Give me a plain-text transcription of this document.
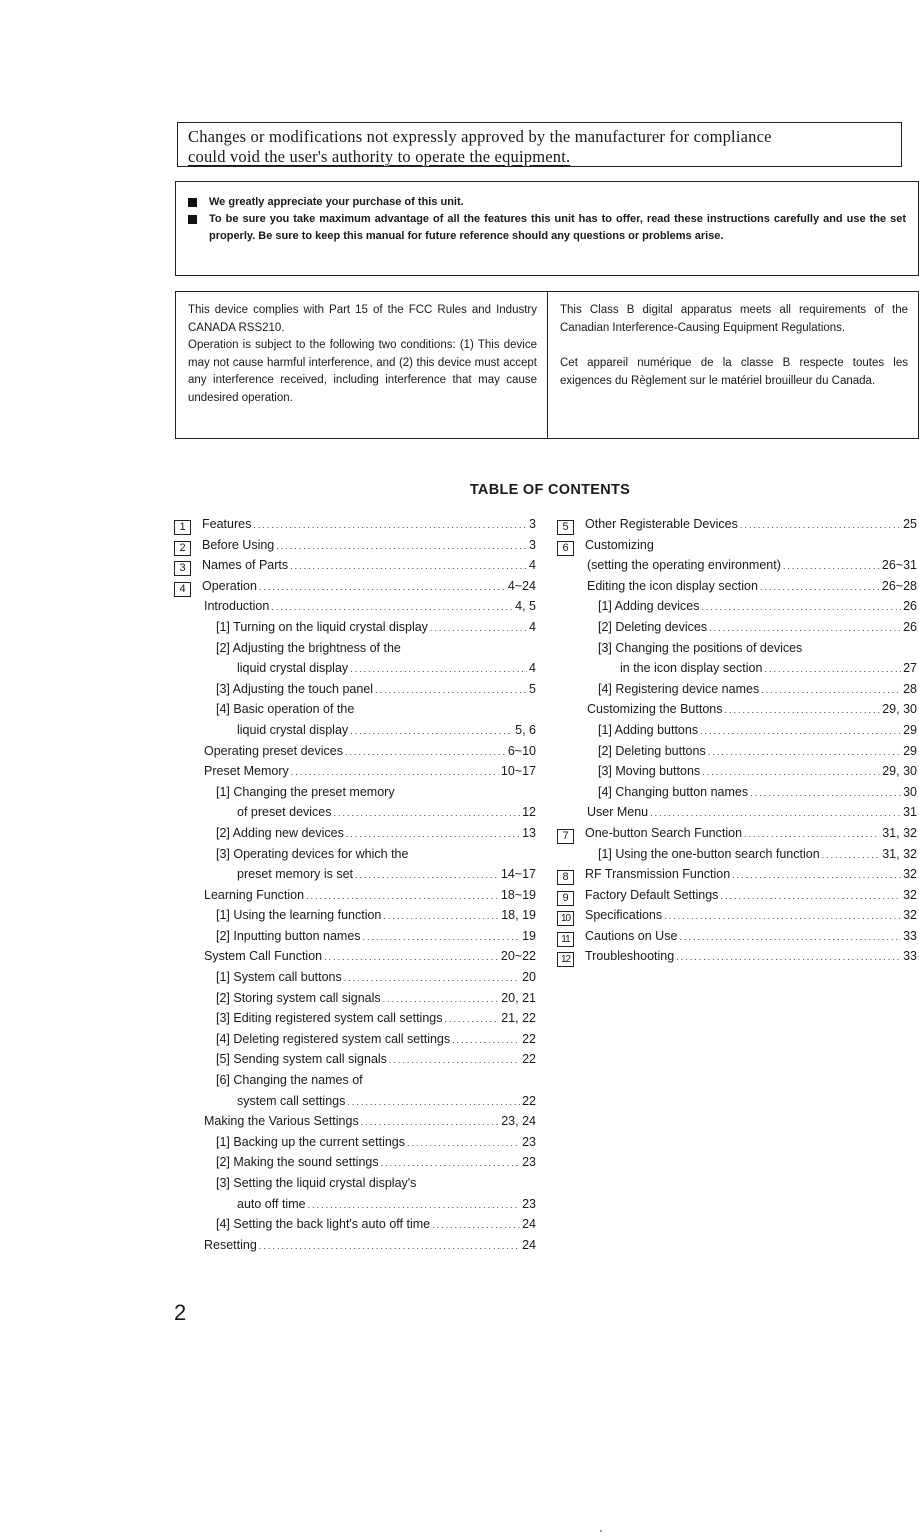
Changes or modifications not expressly approved by the manufacturer for compliance
could void the user's authority to operate the equipment.
We greatly appreciate your purchase of this unit.
To be sure you take maximum advantage of all the features this unit has to offer, read these instructions carefully and use the set properly. Be sure to keep this manual for future reference should any questions or problems arise.

This device complies with Part 15 of the FCC Rules and Industry CANADA RSS210.

Operation is subject to the following two conditions: (1) This device may not cause harmful interference, and (2) this device must accept any interference received, including interference that may cause undesired operation.

This Class B digital apparatus meets all requirements of the Canadian Interference-Causing Equipment Regulations.

Cet appareil numérique de la classe B respecte toutes les exigences du Règlement sur le matériel brouilleur du Canada.

TABLE OF CONTENTS
1	Features .....	3
2	Before Using .....	3
3	Names of Parts .....	4
4	Operation .....	4~24
Introduction .....	4, 5
[1] Turning on the liquid crystal display .....	4
[2] Adjusting the brightness of the
liquid crystal display .....	4
[3] Adjusting the touch panel .....	5
[4] Basic operation of the
liquid crystal display .....	5, 6
Operating preset devices .....	6~10
Preset Memory .....	10~17
[1] Changing the preset memory
of preset devices .....	12
[2] Adding new devices .....	13
[3] Operating devices for which the
preset memory is set .....	14~17
Learning Function .....	18~19
[1] Using the learning function .....	18, 19
[2] Inputting button names .....	19
System Call Function .....	20~22
[1] System call buttons .....	20
[2] Storing system call signals .....	20, 21
[3] Editing registered system call settings .....	21, 22
[4] Deleting registered system call settings .....	22
[5] Sending system call signals .....	22
[6] Changing the names of
system call settings .....	22
Making the Various Settings .....	23, 24
[1] Backing up the current settings .....	23
[2] Making the sound settings .....	23
[3] Setting the liquid crystal display's
auto off time .....	23
[4] Setting the back light's auto off time .....	24
Resetting .....	24
5	Other Registerable Devices .....	25
6	Customizing
(setting the operating environment) .....	26~31
Editing the icon display section .....	26~28
[1] Adding devices .....	26
[2] Deleting devices .....	26
[3] Changing the positions of devices
in the icon display section .....	27
[4] Registering device names .....	28
Customizing the Buttons .....	29, 30
[1] Adding buttons .....	29
[2] Deleting buttons .....	29
[3] Moving buttons .....	29, 30
[4] Changing button names .....	30
User Menu .....	31
7	One-button Search Function .....	31, 32
[1] Using the one-button search function .....	31, 32
8	RF Transmission Function .....	32
9	Factory Default Settings .....	32
10	Specifications .....	32
11	Cautions on Use .....	33
12	Troubleshooting .....	33
2
